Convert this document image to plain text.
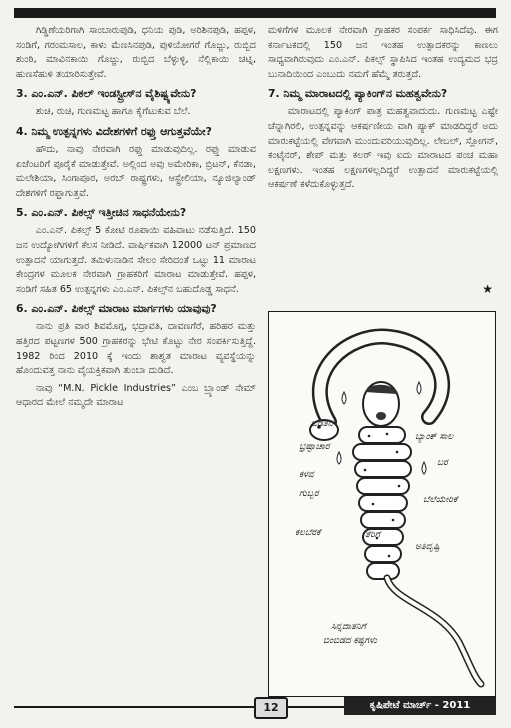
ಗಿಡ್ಡಿಣೆಯರಿಗಾಗಿ ಸಾಂಬಾರುಪುಡಿ, ಧನಿಯ ಪುಡಿ, ಅರಿಶಿನಪುಡಿ, ಹಪ್ಪಳ, ಸಂಡಿಗೆ, ಗರಂಮಸಾಲ, ಕಾಳು ಮೆಣಸಿನಪುಡಿ, ಪುಳಿಯೋಗರೆ ಗೊಜ್ಜು, ರುಬ್ಬಿದ ಶುಂಠಿ, ಮಾವಿನಕಾಯಿ ಗೊಜ್ಜು, ರುಬ್ಬಿದ ಬೆಳ್ಳುಳ್ಳಿ, ನೆಲ್ಲಿಕಾಯಿ ಚಟ್ನಿ, ಹುಣಸೆಹುಳಿ ತಯಾರಿಸುತ್ತೇವೆ.

3. ಎಂ.ಎನ್. ಪಿಕಲ್ ಇಂಡಸ್ಟ್ರೀಸ್‌ನ ವೈಶಿಷ್ಟ್ಯವೇನು?

ಶುಚಿ, ರುಚಿ, ಗುಣಮಟ್ಟ ಹಾಗೂ ಕೈಗೆಟುಕುವ ಬೆಲೆ.

4. ನಿಮ್ಮ ಉತ್ಪನ್ನಗಳು ವಿದೇಶಗಳಿಗೆ ರಫ್ತು ಆಗುತ್ತವೆಯೇ?

ಹೌದು, ನಾವು ನೇರವಾಗಿ ರಫ್ತು ಮಾಡುವುದಿಲ್ಲ. ರಫ್ತು ಮಾಡುವ ಏಜೆಂಟರಿಗೆ ಪೂರೈಕೆ ಮಾಡುತ್ತೇವೆ. ಅಲ್ಲಿಂದ ಅವು ಅಮೇರಿಕಾ, ಬ್ರಿಟನ್, ಕೆನಡಾ, ಮಲೇಶಿಯಾ, ಸಿಂಗಾಪೂರ, ಅರಬ್ ರಾಷ್ಟ್ರಗಳು, ಆಸ್ಟ್ರೇಲಿಯಾ, ನ್ಯೂಜಿಲ್ಯಾಂಡ್ ದೇಶಗಳಿಗೆ ರಫ್ತಾಗುತ್ತವೆ.

5. ಎಂ.ಎನ್. ಪಿಕಲ್ಸ್ ಇತ್ತೀಚಿನ ಸಾಧನೆಯೇನು?

ಎಂ.ಎನ್. ಪಿಕಲ್ಸ್ 5 ಕೋಟಿ ರೂಪಾಯಿ ವಹಿವಾಟು ನಡೆಸುತ್ತಿದೆ. 150 ಜನ ಉದ್ಯೋಗಿಗಳಿಗೆ ಕೆಲಸ ನೀಡಿದೆ. ವಾರ್ಷಿಕವಾಗಿ 12000 ಟನ್ ಪ್ರಮಾಣದ ಉತ್ಪಾದನೆ ಯಾಗುತ್ತದೆ. ತಮಿಳುನಾಡಿನ ಸೇಲಂ ಸೇರಿದಂತೆ ಒಟ್ಟು 11 ಮಾರಾಟ ಕೇಂದ್ರಗಳ ಮೂಲಕ ನೇರವಾಗಿ ಗ್ರಾಹಕರಿಗೆ ಮಾರಾಟ ಮಾಡುತ್ತೇವೆ. ಹಪ್ಪಳ, ಸಂಡಿಗೆ ಸಹಿತ 65 ಉತ್ಪನ್ನಗಳು ಎಂ.ಎನ್. ಪಿಕಲ್ಸ್‌ನ ಬಹುದೊಡ್ಡ ಸಾಧನೆ.

6. ಎಂ.ಎನ್. ಪಿಕಲ್ಸ್ ಮಾರಾಟ ಮಾರ್ಗಗಳು ಯಾವುವು?

ನಾನು ಪ್ರತಿ ವಾರ ಶಿವಮೊಗ್ಗ, ಭದ್ರಾವತಿ, ದಾವಣಗೆರೆ, ಹರಿಹರ ಮತ್ತು ಹತ್ತಿರದ ಪಟ್ಟಣಗಳ 500 ಗ್ರಾಹಕರನ್ನು ಭೇಟಿ ಕೊಟ್ಟು ನೇರ ಸಂಪರ್ಕಿಸುತ್ತಿದ್ದೆ. 1982 ರಿಂದ 2010 ಕ್ಕೆ ಇಂದು ಶಾಶ್ವತ ಮಾರಾಟ ವ್ಯವಸ್ಥೆಯನ್ನು ಹೊಂದುವತ್ತ ನಾನು ವೈಯಕ್ತಿಕವಾಗಿ ತುಂಬಾ ದುಡಿದೆ.

ನಾವು “M.N. Pickle Industries” ಎಂಬ ಬ್ರ್ಯಾಂಡ್ ನೇಮ್ ಆಧಾರದ ಮೇಲೆ ನಮ್ಮದೇ ಮಾರಾಟ

ಮಳಿಗೆಗಳ ಮೂಲಕ ನೇರವಾಗಿ ಗ್ರಾಹಕರ ಸಂಪರ್ಕ ಸಾಧಿಸಿದೆವು. ಈಗ ಕರ್ನಾಟಕದಲ್ಲಿ 150 ಜನ ಇಂತಹ ಉತ್ಪಾದಕರನ್ನು ಕಾಣಲು ಸಾಧ್ಯವಾಗಿರುವುದು ಎಂ.ಎನ್. ಪಿಕಲ್ಸ್ ಸ್ಥಾಪಿಸಿದ ಇಂತಹ ಉದ್ಯಮದ ಭದ್ರ ಬುನಾದಿಯಿಂದ ಎಂಬುದು ನಮಗೆ ಹೆಮ್ಮೆ ತರುತ್ತದೆ.

7. ನಿಮ್ಮ ಮಾರಾಟದಲ್ಲಿ ಪ್ಯಾಕಿಂಗ್‌ನ ಮಹತ್ವವೇನು?

ಮಾರಾಟದಲ್ಲಿ ಪ್ಯಾಕಿಂಗ್ ಪಾತ್ರ ಮಹತ್ವವಾದುದು. ಗುಣಮಟ್ಟ ಎಷ್ಟೇ ಚೆನ್ನಾಗಿರಲಿ, ಉತ್ಪನ್ನವನ್ನು ಆಕರ್ಷಣೀಯ ವಾಗಿ ಪ್ಯಾಕ್ ಮಾಡದಿದ್ದರೆ ಅದು ಮಾರುಕಟ್ಟೆಯಲ್ಲಿ ವೇಗವಾಗಿ ಮುಂದುವರಿಯುವುದಿಲ್ಲ. ಲೇಬಲ್, ಸ್ಲೋಗನ್, ಕಂಟೈನರ್, ಶೇಪ್ ಮತ್ತು ಕಲರ್ ಇವು ಐದು ಮಾರಾಟದ ಪಂಚ ಮಹಾ ಲಕ್ಷಣಗಳು. ಇಂತಹ ಲಕ್ಷಣಗಳಲ್ಲದಿದ್ದರೆ ಉತ್ಪಾದನೆ ಮಾರುಕಟ್ಟೆಯಲ್ಲಿ ಆಕರ್ಷಣೆ ಕಳೆದುಕೊಳ್ಳುತ್ತದೆ.

★
ಬಡತನ
ಭ್ರಷ್ಟಾಚಾರ
ಕಳವ
ಗುಬ್ಬರ
ಕಲಬೆರಕೆ
ಬ್ಯಾಂಕ್ ಸಾಲ
ಬರ
ಬೆಲೆಯೇರಿಕೆ
ತೆರಿಗೆ
ಅತಿವೃಷ್ಟಿ
ಸಿನ್ನದಾತನಿಗೆ
ಬಿಂಬಿಡದ ಕಷ್ಟಗಳು
12	ಕೃಷಿಪೇಟೆ ಮಾರ್ಚ್ - 2011
